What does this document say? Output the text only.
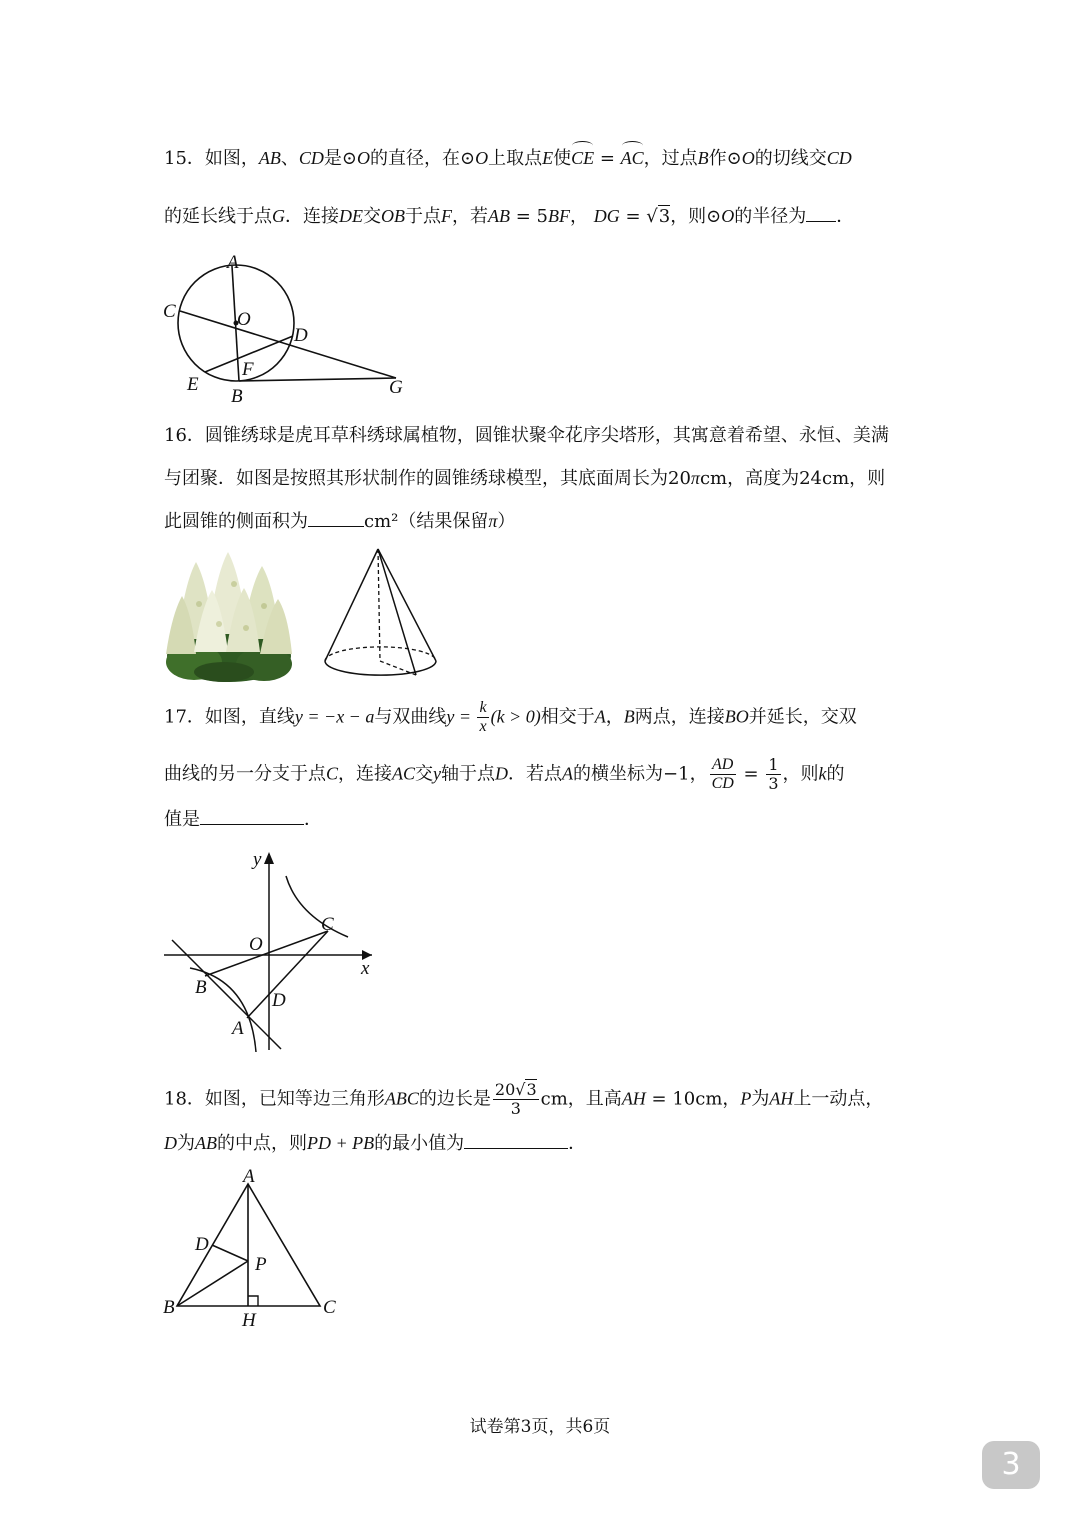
15．如图，AB、CD是⊙O的直径，在⊙O上取点E使CE = AC，过点B作⊙O的切线交CD
的延长线于点G．连接DE交OB于点F，若AB = 5BF， DG = √3，则⊙O的半径为 ．
A
C	O
D
E
F
B	G
16．圆锥绣球是虎耳草科绣球属植物，圆锥状聚伞花序尖塔形，其寓意着希望、永恒、美满
与团聚．如图是按照其形状制作的圆锥绣球模型，其底面周长为20πcm，高度为24cm，则
此圆锥的侧面积为	cm²（结果保留π）
17．如图，直线y = −x − a与双曲线$y = \frac{k}{x} (k > 0)$相交于A，B两点，连接BO并延长，交双
曲线的另一分支于点C，连接AC交y轴于点D．若点A的横坐标为−1， $\frac{AD}{CD} = \frac{1}{3}$ ，则k的
值是	．
y
O
C
x
B
D
A
18．如图，已知等边三角形ABC的边长是 $\frac{20√3}{3}$ cm，且高AH = 10cm，P为AH上一动点，
D为AB的中点，则PD + PB的最小值为	．
A
D
P
B
H
C
试卷第3页，共6页
3
